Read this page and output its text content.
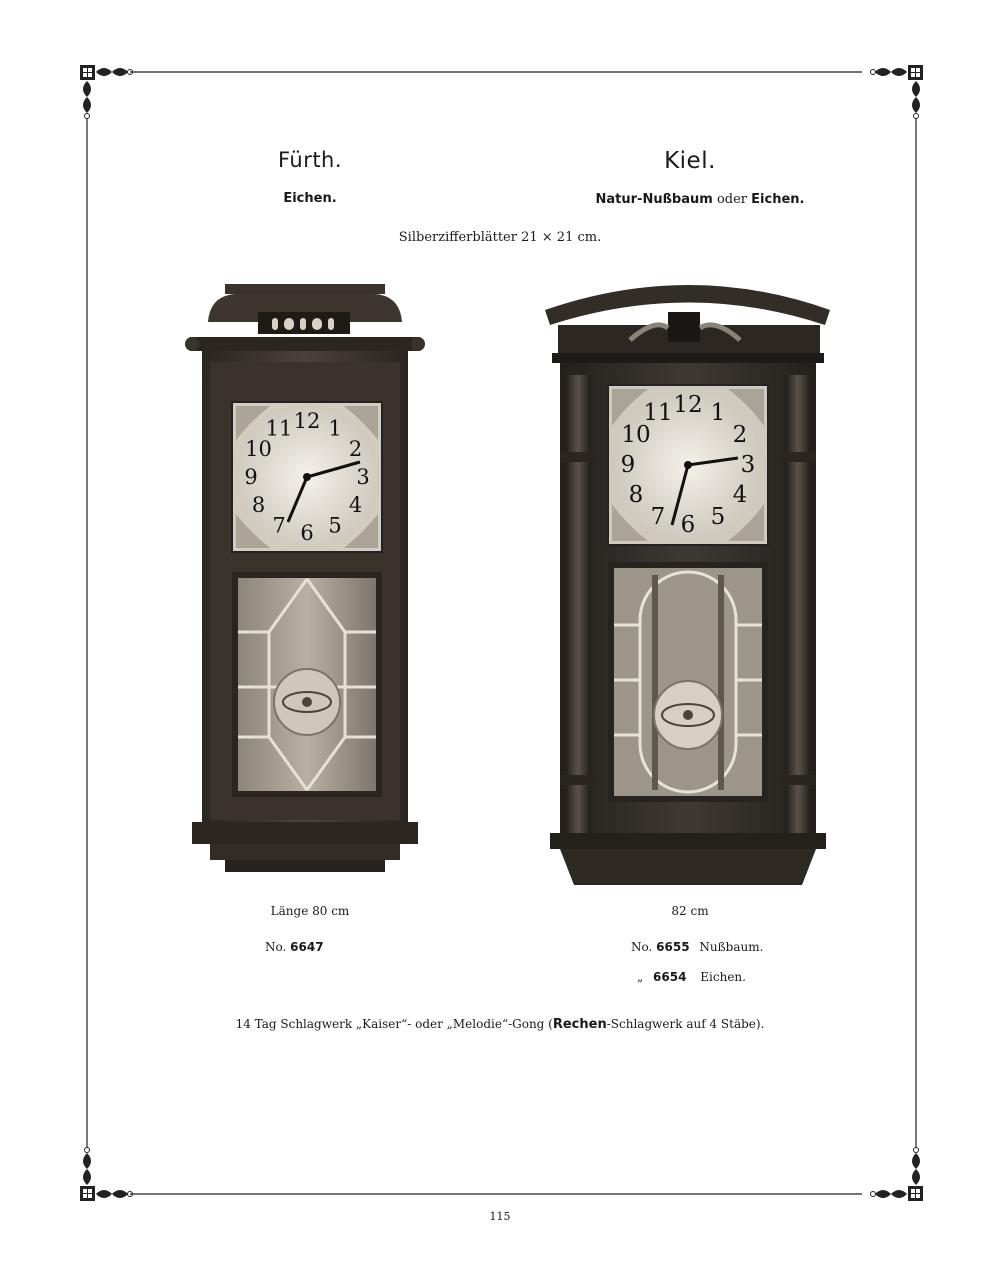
Fürth.
Eichen.
Kiel.
Natur-Nußbaum oder Eichen.
Silberzifferblätter 21 × 21 cm.
12 1
2
3
4
5
6
7
8
9
10
11
12 1
2
3
4
5
6
7
8
9
10
11
Länge 80 cm	82 cm
No. 6647	No. 6655 Nußbaum.
„ 6654 Eichen.
14 Tag Schlagwerk „Kaiser“- oder „Melodie“-Gong (Rechen-Schlagwerk auf 4 Stäbe).
115
